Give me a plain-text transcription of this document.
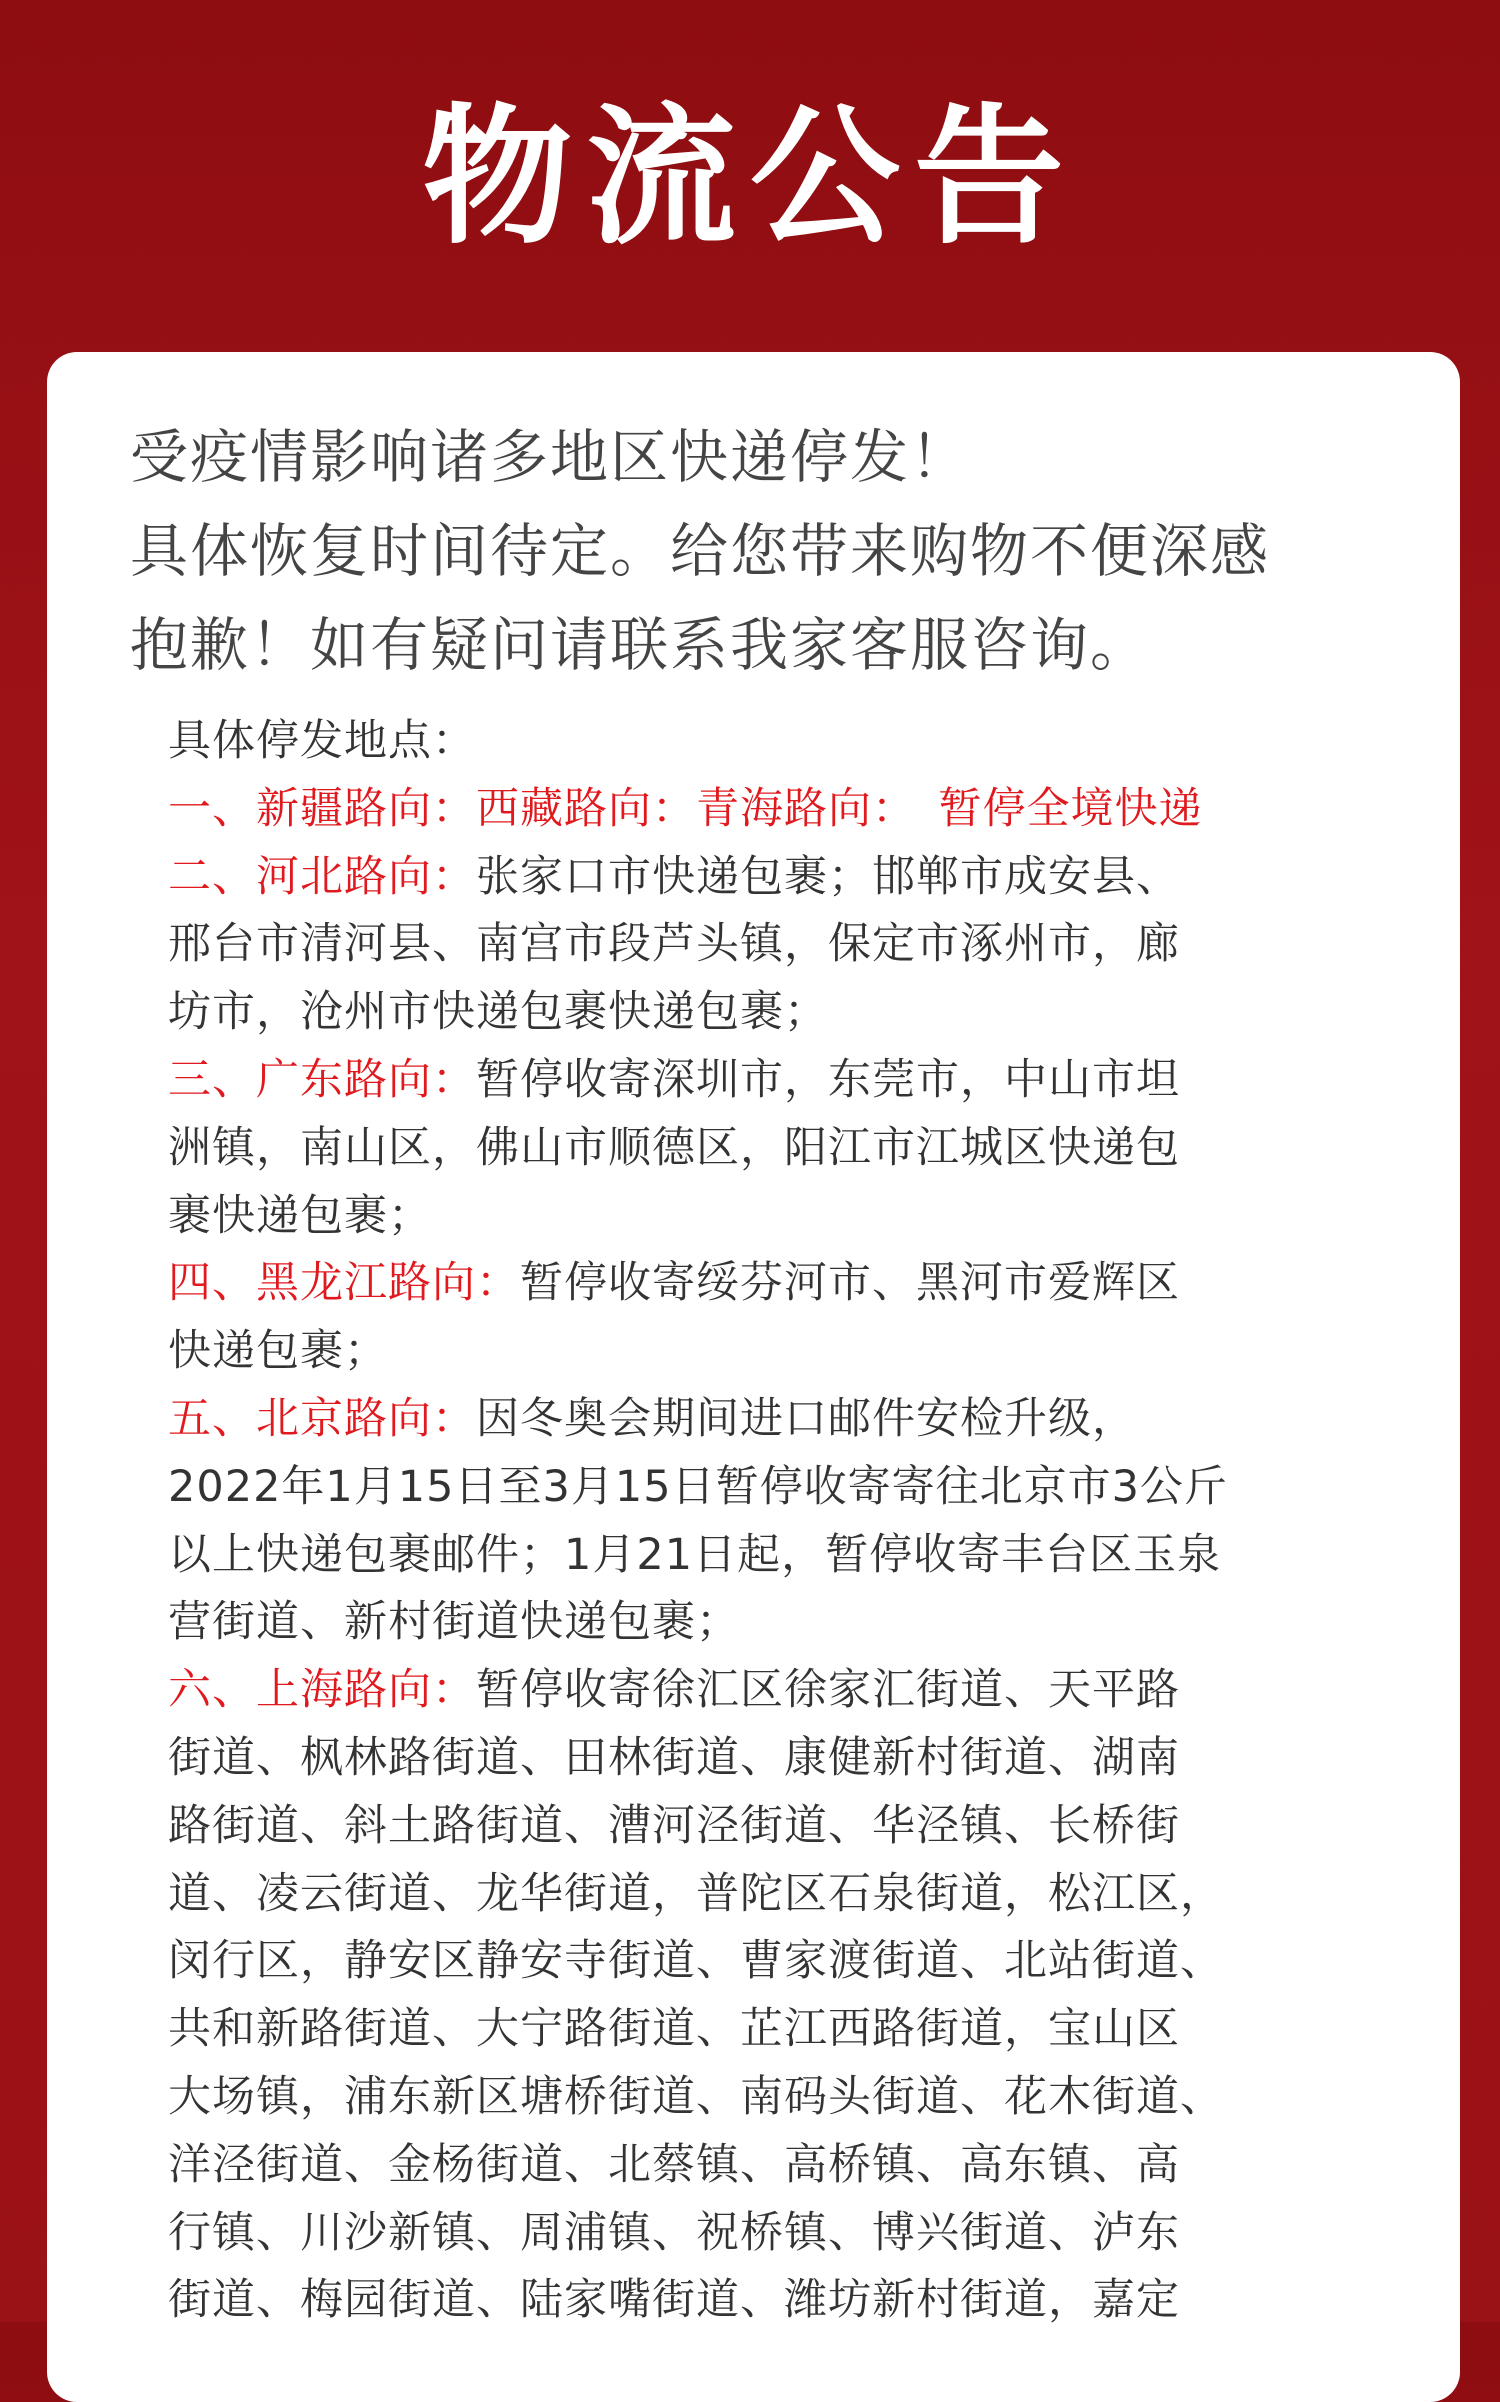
物流公告
受疫情影响诸多地区快递停发！
具体恢复时间待定。给您带来购物不便深感
抱歉！如有疑问请联系我家客服咨询。
具体停发地点：
一、新疆路向：西藏路向：青海路向：　暂停全境快递
二、河北路向：张家口市快递包裹；邯郸市成安县、
邢台市清河县、南宫市段芦头镇，保定市涿州市，廊
坊市，沧州市快递包裹快递包裹；
三、广东路向：暂停收寄深圳市，东莞市，中山市坦
洲镇，南山区，佛山市顺德区，阳江市江城区快递包
裹快递包裹；
四、黑龙江路向：暂停收寄绥芬河市、黑河市爱辉区
快递包裹；
五、北京路向：因冬奥会期间进口邮件安检升级，
2022年1月15日至3月15日暂停收寄寄往北京市3公斤
以上快递包裹邮件；1月21日起，暂停收寄丰台区玉泉
营街道、新村街道快递包裹；
六、上海路向：暂停收寄徐汇区徐家汇街道、天平路
街道、枫林路街道、田林街道、康健新村街道、湖南
路街道、斜土路街道、漕河泾街道、华泾镇、长桥街
道、凌云街道、龙华街道，普陀区石泉街道，松江区，
闵行区，静安区静安寺街道、曹家渡街道、北站街道、
共和新路街道、大宁路街道、芷江西路街道，宝山区
大场镇，浦东新区塘桥街道、南码头街道、花木街道、
洋泾街道、金杨街道、北蔡镇、高桥镇、高东镇、高
行镇、川沙新镇、周浦镇、祝桥镇、博兴街道、泸东
街道、梅园街道、陆家嘴街道、潍坊新村街道，嘉定
